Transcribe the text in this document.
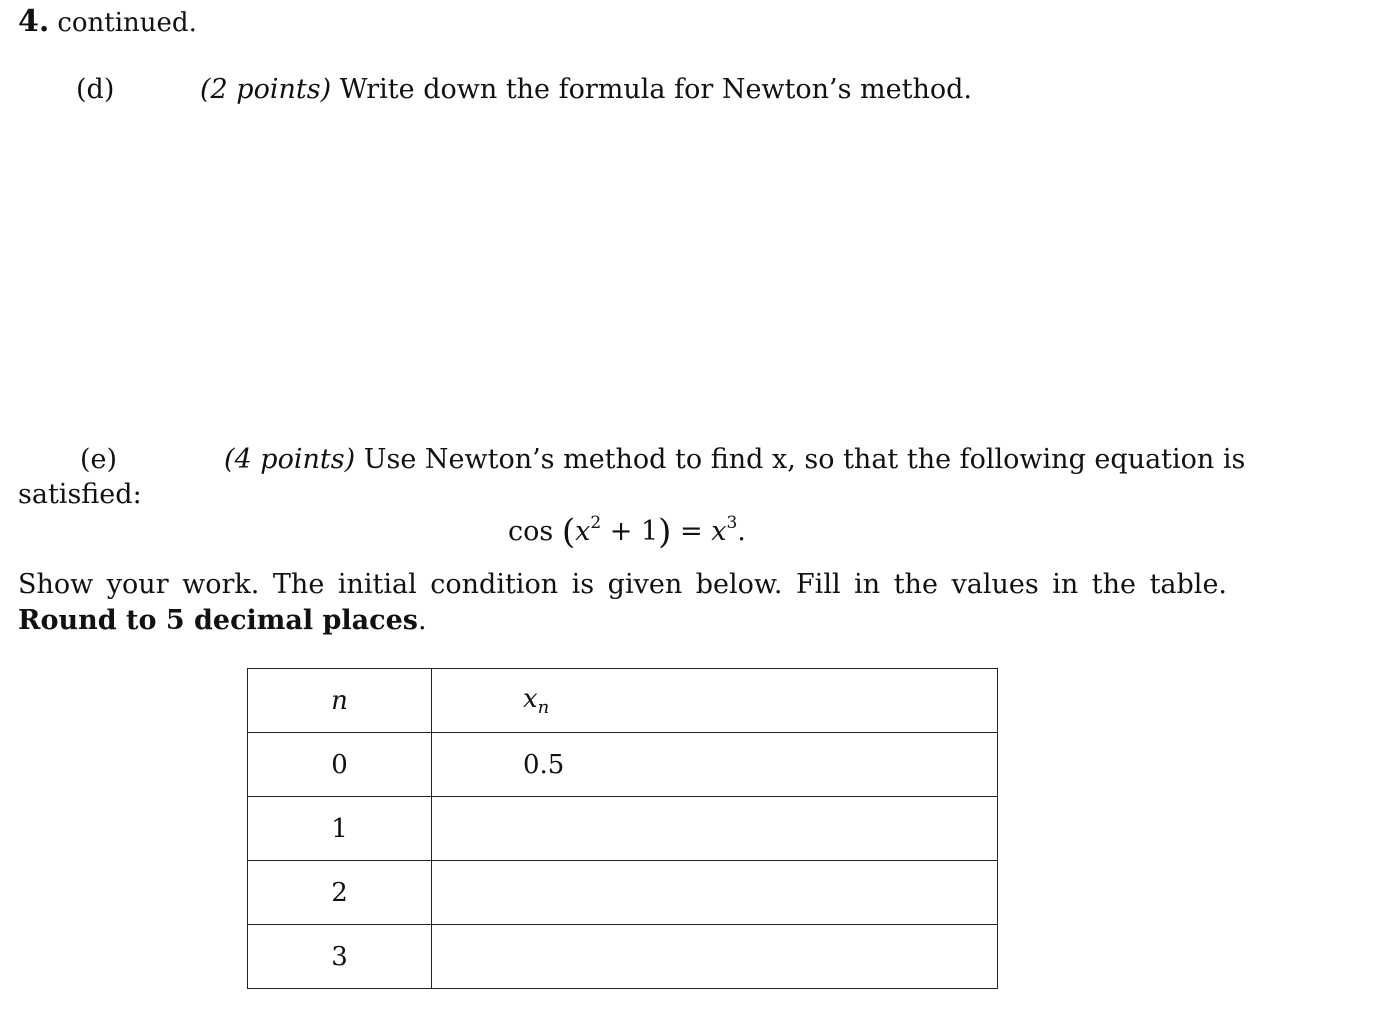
4. continued.
(d)	(2 points) Write down the formula for Newton’s method.
(e)	(4 points) Use Newton’s method to find x, so that the following equation is
satisfied:
$\cos (x^2 + 1) = x^3$.
Show your work. The initial condition is given below. Fill in the values in the table. Round to 5 decimal places.
n	$x_n$
0	0.5
1	
2	
3	
